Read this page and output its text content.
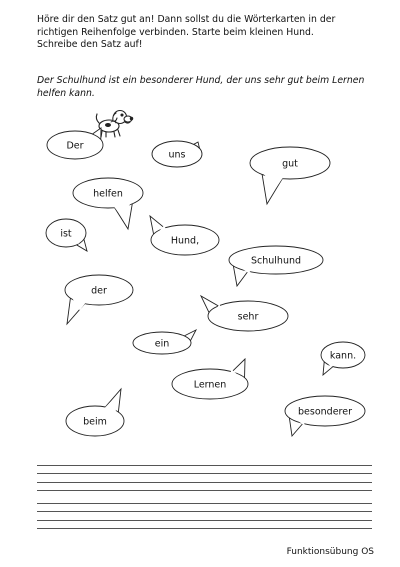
Höre dir den Satz gut an! Dann sollst du die Wörterkarten in der
richtigen Reihenfolge verbinden. Starte beim kleinen Hund.
Schreibe den Satz auf!
Der Schulhund ist ein besonderer Hund, der uns sehr gut beim Lernen helfen kann.
Der
uns
gut
helfen
ist
Hund,
Schulhund
der
sehr
ein
kann.
Lernen
besonderer
beim
Funktionsübung OS
